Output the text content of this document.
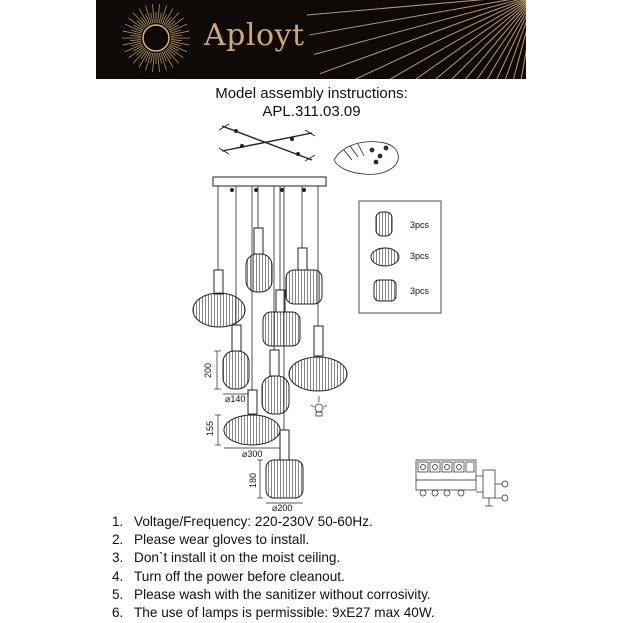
Aployt
Model assembly instructions:
APL.311.03.09
200
⌀140
155
⌀300
180
⌀200
3pcs
3pcs
3pcs
1. Voltage/Frequency: 220-230V 50-60Hz.
2. Please wear gloves to install.
3. Don`t install it on the moist ceiling.
4. Turn off the power before cleanout.
5. Please wash with the sanitizer without corrosivity.
6. The use of lamps is permissible: 9xE27 max 40W.
